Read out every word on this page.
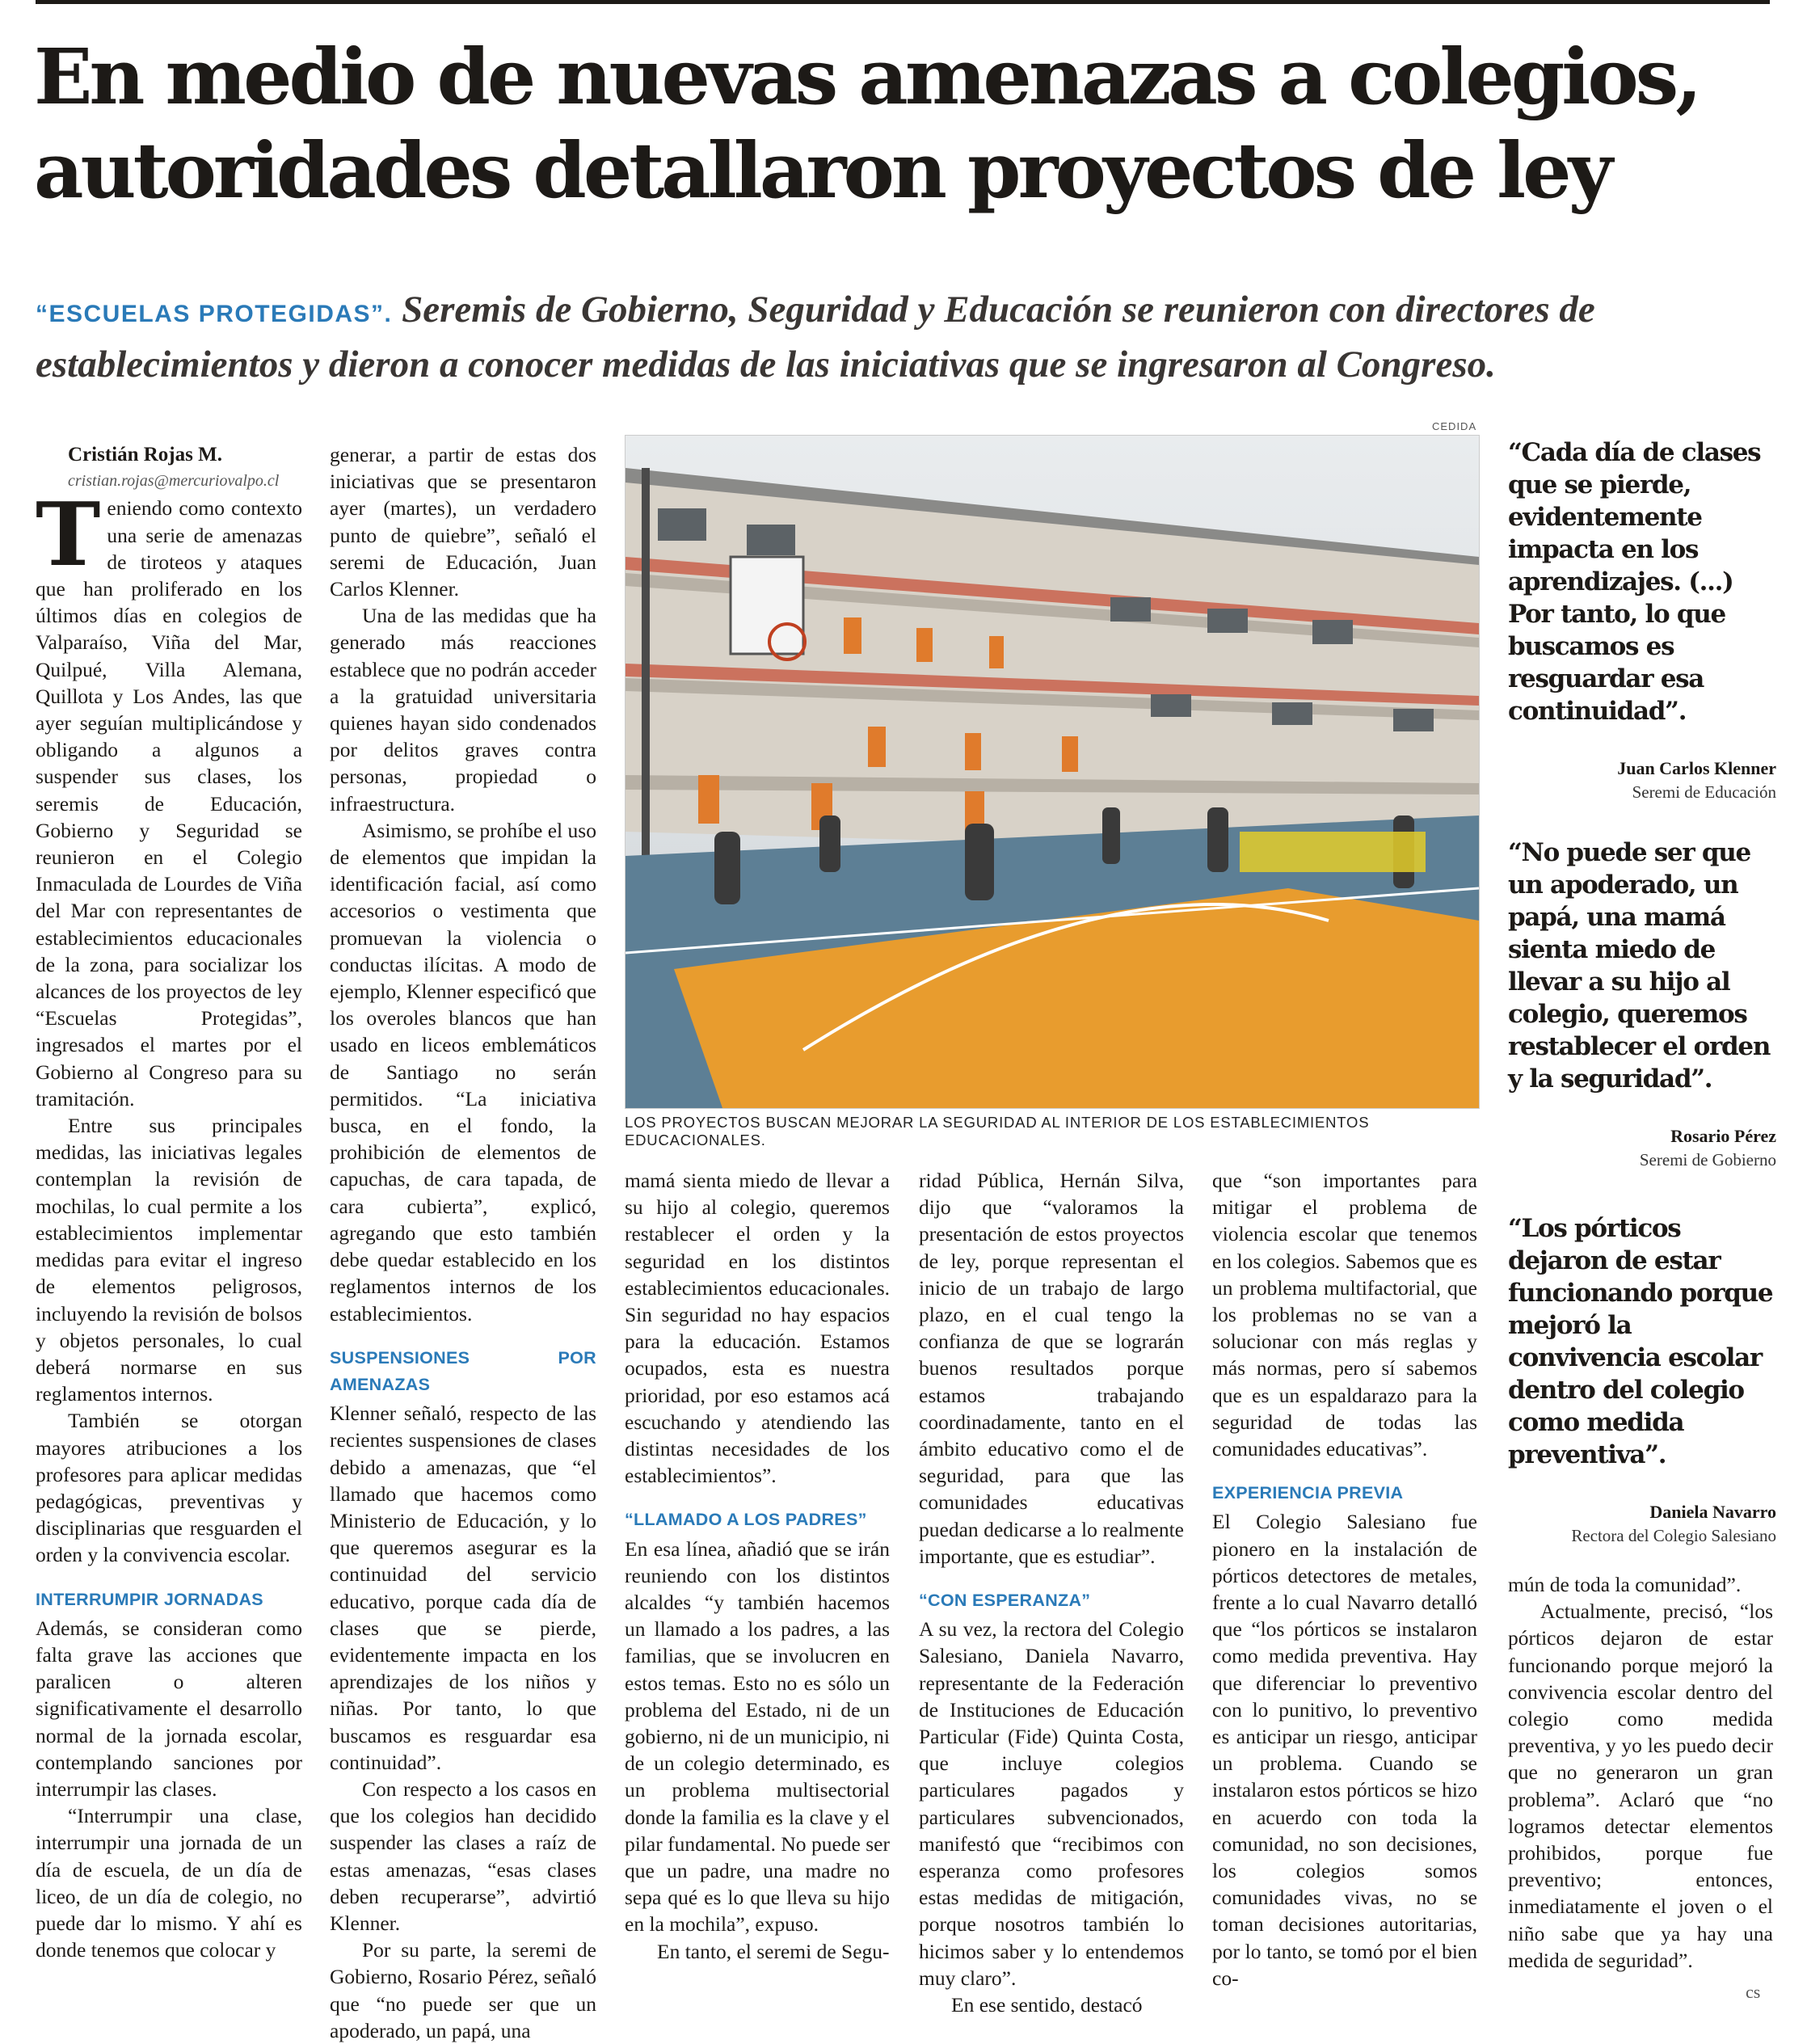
En medio de nuevas amenazas a colegios,
autoridades detallaron proyectos de ley
“ESCUELAS PROTEGIDAS”. Seremis de Gobierno, Seguridad y Educación se reunieron con directores de establecimientos y dieron a conocer medidas de las iniciativas que se ingresaron al Congreso.

Cristián Rojas M.

cristian.rojas@mercuriovalpo.cl

Teniendo como contexto una serie de amenazas de tiroteos y ataques que han proliferado en los últimos días en colegios de Valparaíso, Viña del Mar, Quilpué, Villa Alemana, Quillota y Los Andes, las que ayer seguían multiplicándose y obligando a algunos a suspender sus clases, los seremis de Educación, Gobierno y Seguridad se reunieron en el Colegio Inmaculada de Lourdes de Viña del Mar con representantes de establecimientos educacionales de la zona, para socializar los alcances de los proyectos de ley “Escuelas Protegidas”, ingresados el martes por el Gobierno al Congreso para su tramitación.

Entre sus principales medidas, las iniciativas legales contemplan la revisión de mochilas, lo cual permite a los establecimientos implementar medidas para evitar el ingreso de elementos peligrosos, incluyendo la revisión de bolsos y objetos personales, lo cual deberá normarse en sus reglamentos internos.

También se otorgan mayores atribuciones a los profesores para aplicar medidas pedagógicas, preventivas y disciplinarias que resguarden el orden y la convivencia escolar.

INTERRUMPIR JORNADAS

Además, se consideran como falta grave las acciones que paralicen o alteren significativamente el desarrollo normal de la jornada escolar, contemplando sanciones por interrumpir las clases.

“Interrumpir una clase, interrumpir una jornada de un día de escuela, de un día de liceo, de un día de colegio, no puede dar lo mismo. Y ahí es donde tenemos que colocar y

generar, a partir de estas dos iniciativas que se presentaron ayer (martes), un verdadero punto de quiebre”, señaló el seremi de Educación, Juan Carlos Klenner.

Una de las medidas que ha generado más reacciones establece que no podrán acceder a la gratuidad universitaria quienes hayan sido condenados por delitos graves contra personas, propiedad o infraestructura.

Asimismo, se prohíbe el uso de elementos que impidan la identificación facial, así como accesorios o vestimenta que promuevan la violencia o conductas ilícitas. A modo de ejemplo, Klenner especificó que los overoles blancos que han usado en liceos emblemáticos de Santiago no serán permitidos. “La iniciativa busca, en el fondo, la prohibición de elementos de capuchas, de cara tapada, de cara cubierta”, explicó, agregando que esto también debe quedar establecido en los reglamentos internos de los establecimientos.

SUSPENSIONES POR AMENAZAS

Klenner señaló, respecto de las recientes suspensiones de clases debido a amenazas, que “el llamado que hacemos como Ministerio de Educación, y lo que queremos asegurar es la continuidad del servicio educativo, porque cada día de clases que se pierde, evidentemente impacta en los aprendizajes de los niños y niñas. Por tanto, lo que buscamos es resguardar esa continuidad”.

Con respecto a los casos en que los colegios han decidido suspender las clases a raíz de estas amenazas, “esas clases deben recuperarse”, advirtió Klenner.

Por su parte, la seremi de Gobierno, Rosario Pérez, señaló que “no puede ser que un apoderado, un papá, una

CEDIDA
LOS PROYECTOS BUSCAN MEJORAR LA SEGURIDAD AL INTERIOR DE LOS ESTABLECIMIENTOS EDUCACIONALES.

mamá sienta miedo de llevar a su hijo al colegio, queremos restablecer el orden y la seguridad en los distintos establecimientos educacionales. Sin seguridad no hay espacios para la educación. Estamos ocupados, esta es nuestra prioridad, por eso estamos acá escuchando y atendiendo las distintas necesidades de los establecimientos”.

“LLAMADO A LOS PADRES”

En esa línea, añadió que se irán reuniendo con los distintos alcaldes “y también hacemos un llamado a los padres, a las familias, que se involucren en estos temas. Esto no es sólo un problema del Estado, ni de un gobierno, ni de un municipio, ni de un colegio determinado, es un problema multisectorial donde la familia es la clave y el pilar fundamental. No puede ser que un padre, una madre no sepa qué es lo que lleva su hijo en la mochila”, expuso.

En tanto, el seremi de Segu-

ridad Pública, Hernán Silva, dijo que “valoramos la presentación de estos proyectos de ley, porque representan el inicio de un trabajo de largo plazo, en el cual tengo la confianza de que se lograrán buenos resultados porque estamos trabajando coordinadamente, tanto en el ámbito educativo como el de seguridad, para que las comunidades educativas puedan dedicarse a lo realmente importante, que es estudiar”.

“CON ESPERANZA”

A su vez, la rectora del Colegio Salesiano, Daniela Navarro, representante de la Federación de Instituciones de Educación Particular (Fide) Quinta Costa, que incluye colegios particulares pagados y particulares subvencionados, manifestó que “recibimos con esperanza como profesores estas medidas de mitigación, porque nosotros también lo hicimos saber y lo entendemos muy claro”.

En ese sentido, destacó

que “son importantes para mitigar el problema de violencia escolar que tenemos en los colegios. Sabemos que es un problema multifactorial, que los problemas no se van a solucionar con más reglas y más normas, pero sí sabemos que es un espaldarazo para la seguridad de todas las comunidades educativas”.

EXPERIENCIA PREVIA

El Colegio Salesiano fue pionero en la instalación de pórticos detectores de metales, frente a lo cual Navarro detalló que “los pórticos se instalaron como medida preventiva. Hay que diferenciar lo preventivo con lo punitivo, lo preventivo es anticipar un riesgo, anticipar un problema. Cuando se instalaron estos pórticos se hizo en acuerdo con toda la comunidad, no son decisiones, los colegios somos comunidades vivas, no se toman decisiones autoritarias, por lo tanto, se tomó por el bien co-

mún de toda la comunidad”.

Actualmente, precisó, “los pórticos dejaron de estar funcionando porque mejoró la convivencia escolar dentro del colegio como medida preventiva, y yo les puedo decir que no generaron un gran problema”. Aclaró que “no logramos detectar elementos prohibidos, porque fue preventivo; entonces, inmediatamente el joven o el niño sabe que ya hay una medida de seguridad”.

cs

“Cada día de clases que se pierde, evidentemente impacta en los aprendizajes. (...) Por tanto, lo que buscamos es resguardar esa continuidad”.

Juan Carlos Klenner

Seremi de Educación

“No puede ser que un apoderado, un papá, una mamá sienta miedo de llevar a su hijo al colegio, queremos restablecer el orden y la seguridad”.

Rosario Pérez

Seremi de Gobierno

“Los pórticos dejaron de estar funcionando porque mejoró la convivencia escolar dentro del colegio como medida preventiva”.

Daniela Navarro

Rectora del Colegio Salesiano
